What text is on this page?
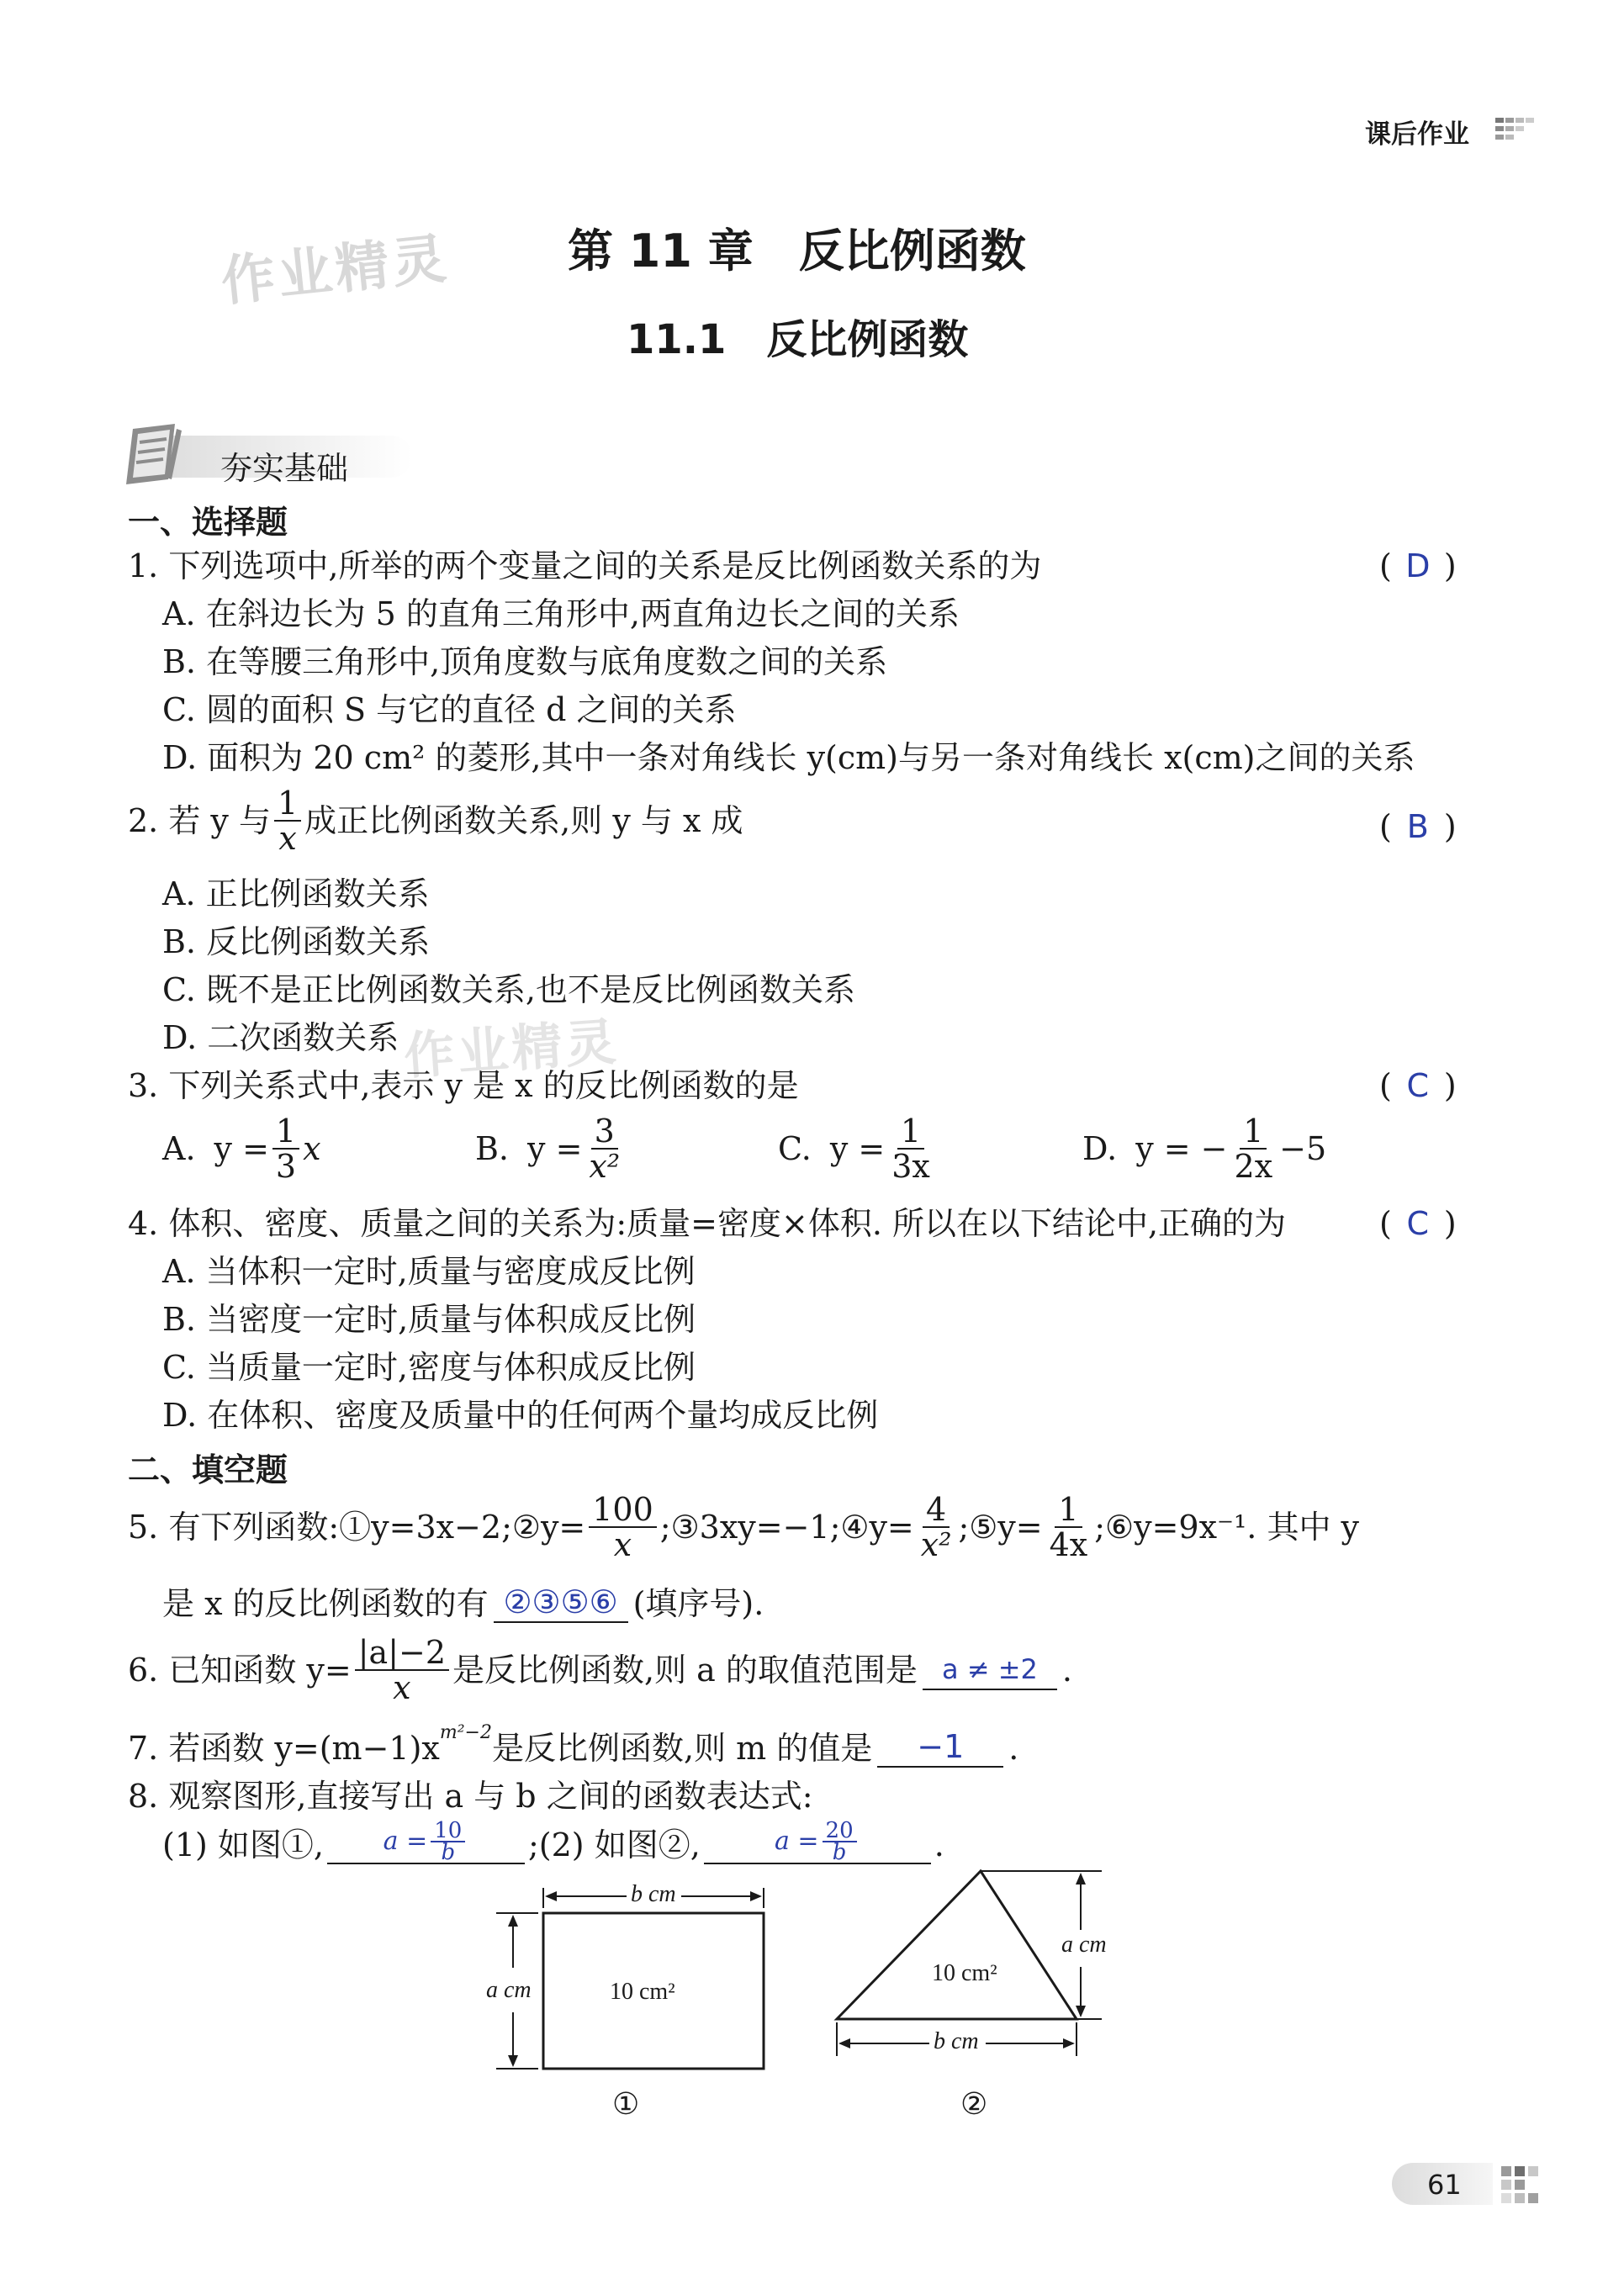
课后作业
作业精灵
作业精灵
第 11 章　反比例函数
11.1　反比例函数
夯实基础
一、选择题
1. 下列选项中,所举的两个变量之间的关系是反比例函数关系的为	( D )
A. 在斜边长为 5 的直角三角形中,两直角边长之间的关系
B. 在等腰三角形中,顶角度数与底角度数之间的关系
C. 圆的面积 S 与它的直径 d 之间的关系
D. 面积为 20 cm² 的菱形,其中一条对角线长 y(cm)与另一条对角线长 x(cm)之间的关系
2. 若 y 与 $\frac{1}{x}$ 成正比例函数关系,则 y 与 x 成	( B )
A. 正比例函数关系
B. 反比例函数关系
C. 既不是正比例函数关系,也不是反比例函数关系
D. 二次函数关系
3. 下列关系式中,表示 y 是 x 的反比例函数的是	( C )
A. $y = \frac{1}{3}$ x	B. $y = \frac{3}{\text{x²}}$	C. $y = \frac{1}{3x}$	D. y = − $\frac{1}{2x} -5$
4. 体积、密度、质量之间的关系为:质量=密度×体积. 所以在以下结论中,正确的为	( C )
A. 当体积一定时,质量与密度成反比例
B. 当密度一定时,质量与体积成反比例
C. 当质量一定时,密度与体积成反比例
D. 在体积、密度及质量中的任何两个量均成反比例
二、填空题
5. 有下列函数:①y=3x−2;②y= $\frac{100}{x}$ ;③3xy=−1;④y= $\frac{4}{\text{x²}}$ ;⑤y= $\frac{1}{4x}$ ;⑥y=9x⁻¹. 其中 y
是 x 的反比例函数的有 ②③⑤⑥ (填序号).
6. 已知函数 $y= \frac{|a|-2}{x}$ 是反比例函数,则 a 的取值范围是 a ≠ ±2 .
7. 若函数 $y=(m-1)x^{m^2-2}$ 是反比例函数,则 m 的值是	−1	.
8. 观察图形,直接写出 a 与 b 之间的函数表达式:
(1) 如图①, $a = \frac{10}{b}$ ;(2) 如图②,	$a = \frac{20}{b}$ .
b cm
a cm	10 cm²
①
a cm
b cm
10 cm²
②
61
